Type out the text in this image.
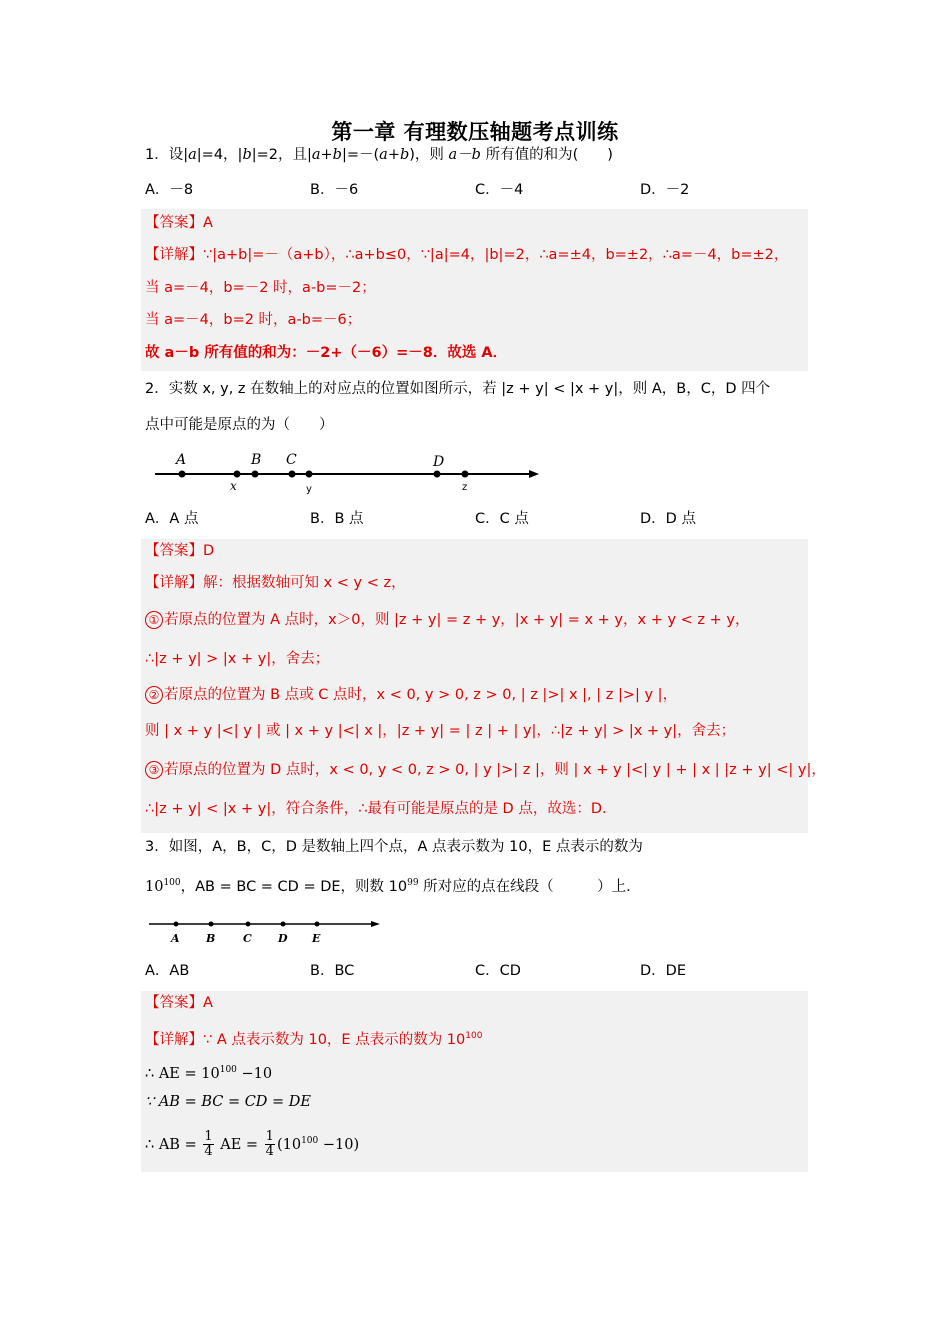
第一章 有理数压轴题考点训练
1．设|a|=4，|b|=2，且|a+b|=－(a+b)，则 a－b 所有值的和为(　　)
A．－8	B．－6	C．－4	D．－2
【答案】A
【详解】∵|a+b|=－（a+b），∴a+b≤0，∵|a|=4，|b|=2，∴a=±4，b=±2，∴a=－4，b=±2，
当 a=－4，b=－2 时，a-b=－2；
当 a=－4，b=2 时，a-b=－6；
故 a－b 所有值的和为：－2+（－6）=－8．故选 A．
2．实数 x, y, z 在数轴上的对应点的位置如图所示，若 |z + y| < |x + y|，则 A，B，C，D 四个
点中可能是原点的为（　　）
A	B C	D
x	y	z
A．A 点	B．B 点	C．C 点	D．D 点
【答案】D
【详解】解：根据数轴可知 x < y < z，
① 若原点的位置为 A 点时，x＞0，则 |z + y| = z + y，|x + y| = x + y，x + y < z + y，
∴|z + y| > |x + y|，舍去；
② 若原点的位置为 B 点或 C 点时，x < 0, y > 0, z > 0, | z |>| x |, | z |>| y |，
则 | x + y |<| y | 或 | x + y |<| x |，|z + y| = | z | + | y|，∴|z + y| > |x + y|，舍去；
③ 若原点的位置为 D 点时，x < 0, y < 0, z > 0, | y |>| z |，则 | x + y |<| y | + | x | |z + y| <| y|，
∴|z + y| < |x + y|，符合条件，∴最有可能是原点的是 D 点，故选：D．
3．如图，A，B，C，D 是数轴上四个点，A 点表示数为 10，E 点表示的数为
$10^{100}$，AB = BC = CD = DE，则数 $10^{99}$ 所对应的点在线段（　　　）上．
A B	C D E
A．AB	B．BC	C．CD	D．DE
【答案】A
【详解】∵ A 点表示数为 10，E 点表示的数为 $10^{100}$
∴ AE = $10^{100} -10$
∵ AB = BC = CD = DE
∴ AB = $\frac{1}{4}$ AE = $\frac{1}{4} (10^{100} -10)$
